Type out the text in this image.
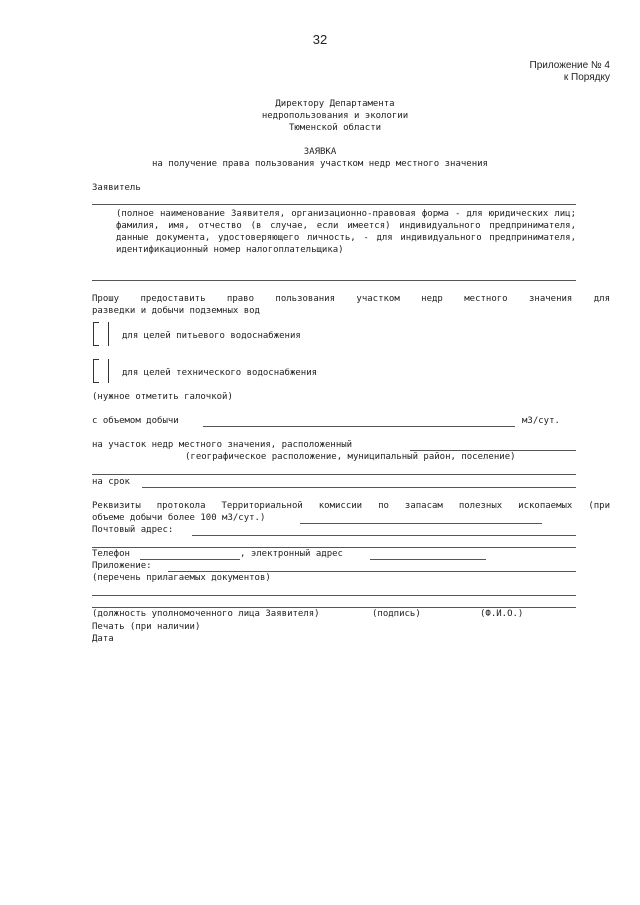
32
Приложение № 4
к Порядку
Директору Департамента
недропользования и экологии
Тюменской области
ЗАЯВКА
на получение права пользования участком недр местного значения
Заявитель
(полное наименование Заявителя, организационно-правовая форма - для юридических лиц; фамилия, имя, отчество (в случае, если имеется) индивидуального предпринимателя, данные документа, удостоверяющего личность, - для индивидуального предпринимателя, идентификационный номер налогоплательщика)
Прошу предоставить право пользования участком недр местного значения для
разведки и добычи подземных вод
для целей питьевого водоснабжения
для целей технического водоснабжения
(нужное отметить галочкой)
с объемом добычи	м3/сут.
на участок недр местного значения, расположенный
(географическое расположение, муниципальный район, поселение)
на срок
Реквизиты протокола Территориальной комиссии по запасам полезных ископаемых (при
объеме добычи более 100 м3/сут.)
Почтовый адрес:
Телефон	, электронный адрес
Приложение:
(перечень прилагаемых документов)
(должность уполномоченного лица Заявителя)	(подпись)	(Ф.И.О.)
Печать (при наличии)
Дата
